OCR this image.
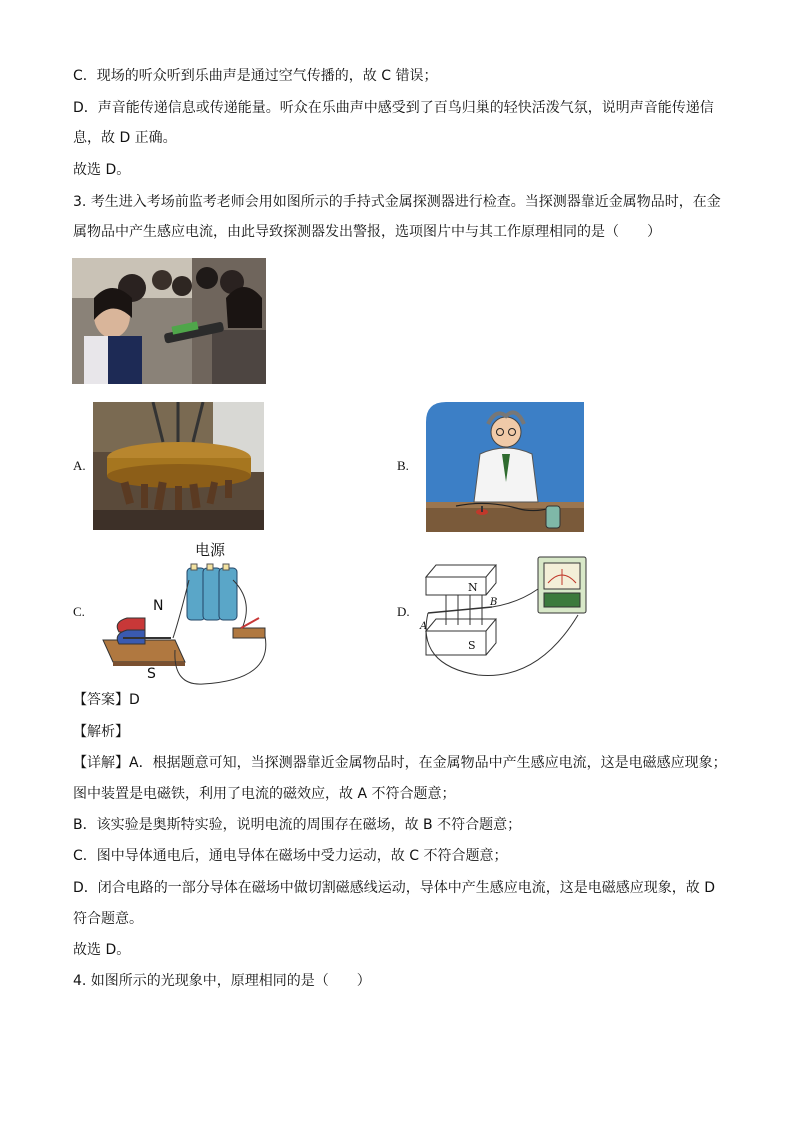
C．现场的听众听到乐曲声是通过空气传播的，故 C 错误；
D．声音能传递信息或传递能量。听众在乐曲声中感受到了百鸟归巢的轻快活泼气氛，说明声音能传递信
息，故 D 正确。
故选 D。
3. 考生进入考场前监考老师会用如图所示的手持式金属探测器进行检查。当探测器靠近金属物品时，在金
属物品中产生感应电流，由此导致探测器发出警报，选项图片中与其工作原理相同的是（　　）
A.	B.
C.
电源
N
S
D.
N
S
A
B
【答案】D
【解析】
【详解】A．根据题意可知，当探测器靠近金属物品时，在金属物品中产生感应电流，这是电磁感应现象；
图中装置是电磁铁，利用了电流的磁效应，故 A 不符合题意；
B．该实验是奥斯特实验，说明电流的周围存在磁场，故 B 不符合题意；
C．图中导体通电后，通电导体在磁场中受力运动，故 C 不符合题意；
D．闭合电路的一部分导体在磁场中做切割磁感线运动，导体中产生感应电流，这是电磁感应现象，故 D
符合题意。
故选 D。
4. 如图所示的光现象中，原理相同的是（　　）
